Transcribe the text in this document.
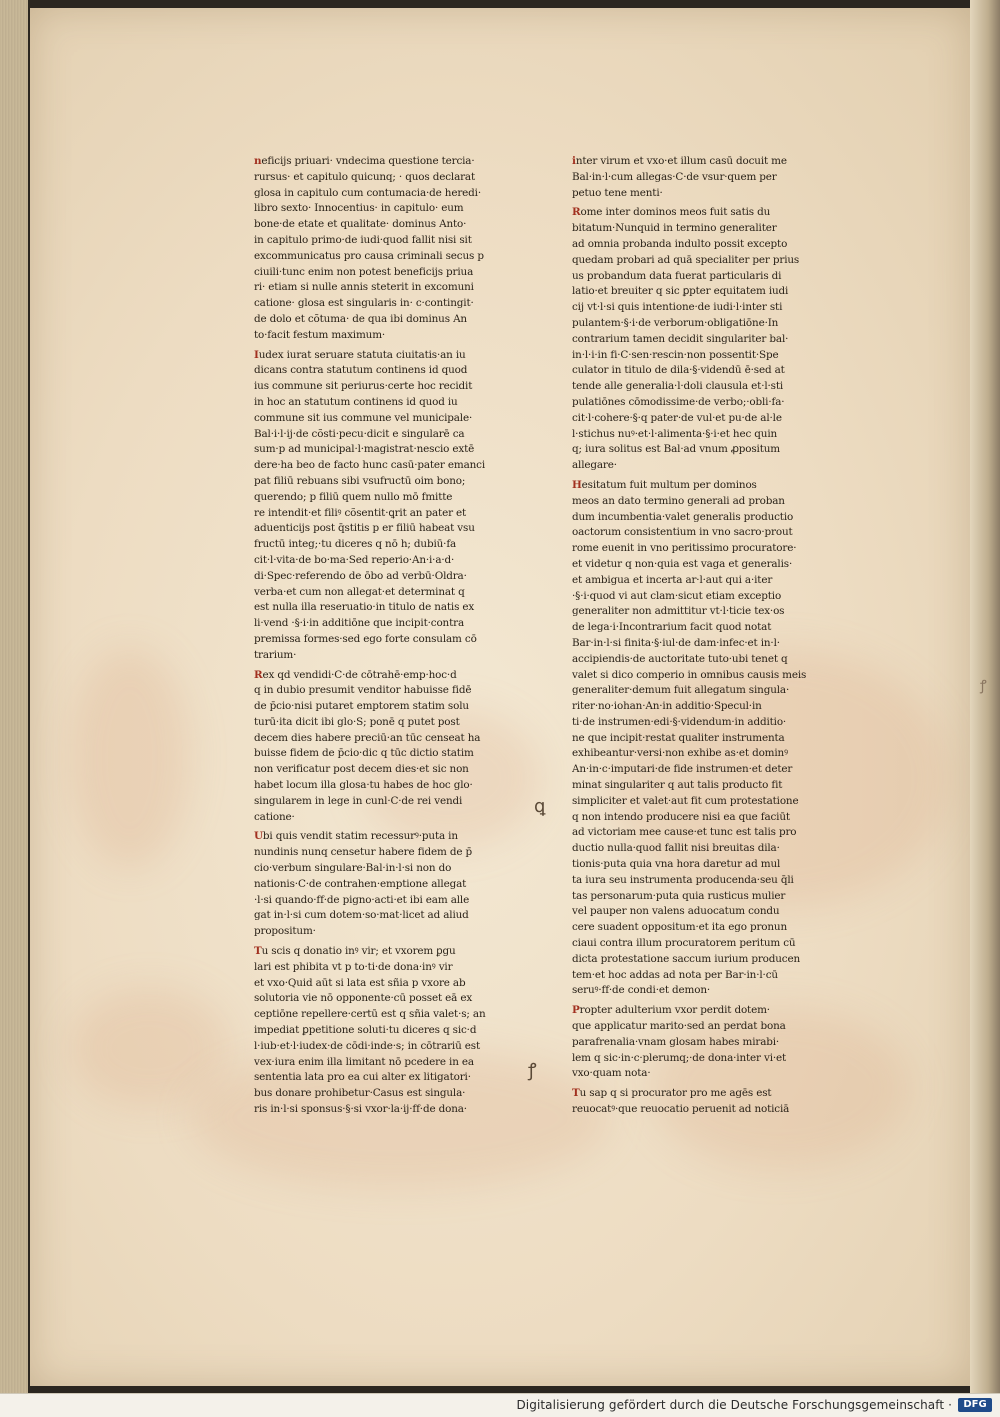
neficijs priuari· vndecima questione tercia·
rursus· et capitulo quicunq; · quos declarat
glosa in capitulo cum contumacia·de heredi·
libro sexto· Innocentius· in capitulo· eum
bone·de etate et qualitate· dominus Anto·
in capitulo primo·de iudi·quod fallit nisi sit
excommunicatus pro causa criminali secus p
ciuili·tunc enim non potest beneficijs priua
ri· etiam si nulle annis steterit in excomuni
catione· glosa est singularis in· c·contingit·
de dolo et cõtuma· de qua ibi dominus An
to·facit festum maximum·

Iudex iurat seruare statuta ciuitatis·an iu
dicans contra statutum continens id quod
ius commune sit periurus·certe hoc recidit
in hoc an statutum continens id quod iu
commune sit ius commune vel municipale·
Bal·i·l·ij·de cõsti·pecu·dicit e singularē ca
sum·p ad municipal·l·magistrat·nescio extē
dere·ha beo de facto hunc casū·pater emanci
pat filiū rebuans sibi vsufructū oim bono;
querendo; p filiū quem nullo mō fmitte
re intendit·et filiꝰ cõsentit·ꝗrit an pater et
aduenticijs post q̄stitis p er filiū habeat vsu
fructū integ;·tu diceres q nō h; dubiū·fa
cit·l·vita·de bo·ma·Sed reperio·An·i·a·d·
di·Spec·referendo de ōbo ad verbū·Oldra·
verba·et cum non allegat·et determinat q
est nulla illa reseruatio·in titulo de natis ex
li·vend ·§·i·in additiōne que incipit·contra
premissa formes·sed ego forte consulam cō
trarium·

Rex qd vendidi·C·de cōtrahē·emp·hoc·d
q in dubio presumit venditor habuisse fidē
de p̄cio·nisi putaret emptorem statim solu
turū·ita dicit ibi glo·S; ponē q putet post
decem dies habere preciū·an tūc censeat ha
buisse fidem de p̄cio·dic q tūc dictio statim
non verificatur post decem dies·et sic non
habet locum illa glosa·tu habes de hoc glo·
singularem in lege in cunl·C·de rei vendi
catione·

Ubi quis vendit statim recessurꝰ·puta in
nundinis nunq censetur habere fidem de p̄
cio·verbum singulare·Bal·in·l·si non do
nationis·C·de contrahen·emptione allegat
·l·si quando·ff·de pigno·acti·et ibi eam alle
gat in·l·si cum dotem·so·mat·licet ad aliud
propositum·

Tu scis q donatio inꝰ vir; et vxorem ꝑgu
lari est phibita vt p to·ti·de dona·inꝰ vir
et vxo·Quid aūt si lata est sñia p vxore ab
solutoria vie nō opponente·cū posset eā ex
ceptiōne repellere·certū est q sñia valet·s; an
impediat ꝑpetitione soluti·tu diceres q sic·d
l·iub·et·l·iudex·de cōdi·inde·s; in cōtrariū est
vex·iura enim illa limitant nō pcedere in ea
sententia lata pro ea cui alter ex litigatori·
bus donare prohibetur·Casus est singula·
ris in·l·si sponsus·§·si vxor·la·ij·ff·de dona·

inter virum et vxo·et illum casū docuit me
Bal·in·l·cum allegas·C·de vsur·quem per
petuo tene menti·

Rome inter dominos meos fuit satis du
bitatum·Nunquid in termino generaliter
ad omnia probanda indulto possit excepto
quedam probari ad quā specialiter per prius
us probandum data fuerat particularis di
latio·et breuiter q sic ꝑpter equitatem iudi
cij vt·l·si quis intentione·de iudi·l·inter sti
pulantem·§·i·de verborum·obligatiōne·In
contrarium tamen decidit singulariter bal·
in·l·i·in fi·C·sen·rescin·non possentit·Spe
culator in titulo de dila·§·videndū ē·sed at
tende alle generalia·l·doli clausula et·l·sti
pulatiōnes cōmodissime·de verbo;·obli·fa·
cit·l·cohere·§·q pater·de vul·et pu·de al·le
l·stichus nuꝰ·et·l·alimenta·§·i·et hec quin
q; iura solitus est Bal·ad vnum ꝓpositum
allegare·

Hesitatum fuit multum per dominos
meos an dato termino generali ad proban
dum incumbentia·valet generalis productio
oactorum consistentium in vno sacro·prout
rome euenit in vno peritissimo procuratore·
et videtur q non·quia est vaga et generalis·
et ambigua et incerta ar·l·aut qui a·iter
·§·i·quod vi aut clam·sicut etiam exceptio
generaliter non admittitur vt·l·ticie tex·os
de lega·i·Incontrarium facit quod notat
Bar·in·l·si finita·§·iul·de dam·infec·et in·l·
accipiendis·de auctoritate tuto·ubi tenet q
valet si dico comperio in omnibus causis meis
generaliter·demum fuit allegatum singula·
riter·no·iohan·An·in additio·Specul·in
ti·de instrumen·edi·§·videndum·in additio·
ne que incipit·restat qualiter instrumenta
exhibeantur·versi·non exhibe as·et dominꝰ
An·in·c·imputari·de fide instrumen·et deter
minat singulariter q aut talis producto fit
simpliciter et valet·aut fit cum protestatione
q non intendo producere nisi ea que faciūt
ad victoriam mee cause·et tunc est talis pro
ductio nulla·quod fallit nisi breuitas dila·
tionis·puta quia vna hora daretur ad mul
ta iura seu instrumenta producenda·seu q̄li
tas personarum·puta quia rusticus mulier
vel pauper non valens aduocatum condu
cere suadent oppositum·et ita ego pronun
ciaui contra illum procuratorem peritum cū
dicta protestatione saccum iurium producen
tem·et hoc addas ad nota per Bar·in·l·cū
seruꝰ·ff·de condi·et demon·

Propter adulterium vxor perdit dotem·
que applicatur marito·sed an perdat bona
parafrenalia·vnam glosam habes mirabi·
lem q sic·in·c·plerumq;·de dona·inter vi·et
vxo·quam nota·

Tu sap q si procurator pro me agēs est
reuocatꝰ·que reuocatio peruenit ad noticiā

ꝗ
ꝭ
ꝭ
Digitalisierung gefördert durch die Deutsche Forschungsgemeinschaft ·	DFG
